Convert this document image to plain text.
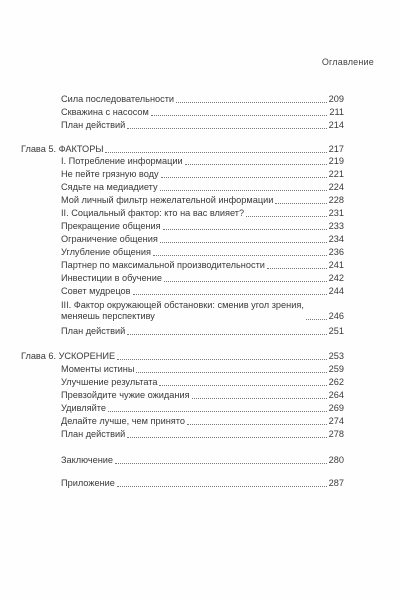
Оглавление
Сила последовательности	209
Скважина с насосом	211
План действий	214
Глава 5. ФАКТОРЫ	217
I. Потребление информации	219
Не пейте грязную воду	221
Сядьте на медиадиету	224
Мой личный фильтр нежелательной информации	228
II. Социальный фактор: кто на вас влияет?	231
Прекращение общения	233
Ограничение общения	234
Углубление общения	236
Партнер по максимальной производительности	241
Инвестиции в обучение	242
Совет мудрецов	244
III. Фактор окружающей обстановки: сменив угол зрения,
меняешь перспективу	246
План действий	251
Глава 6. УСКОРЕНИЕ	253
Моменты истины	259
Улучшение результата	262
Превзойдите чужие ожидания	264
Удивляйте	269
Делайте лучше, чем принято	274
План действий	278
Заключение	280
Приложение	287
